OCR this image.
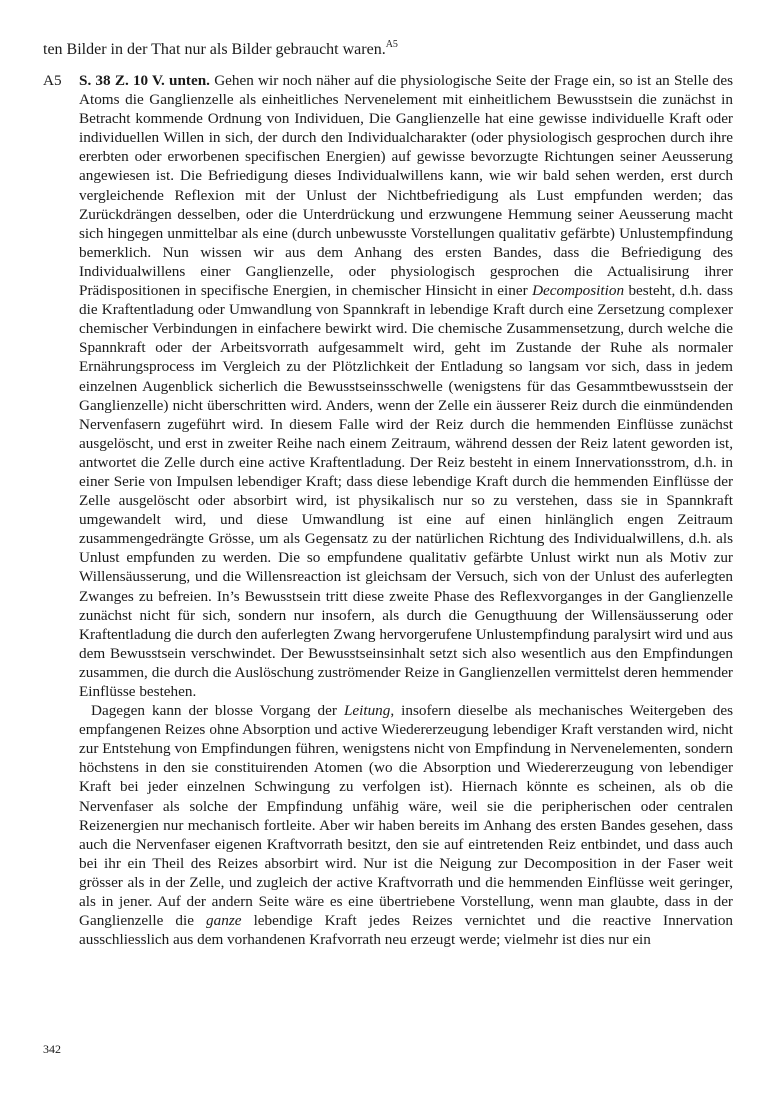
ten Bilder in der That nur als Bilder gebraucht waren.$^{A5}$
A5 S. 38 Z. 10 V. unten. Gehen wir noch näher auf die physiologische Seite der Frage ein, so ist an Stelle des Atoms die Ganglienzelle als einheitliches Nervenelement mit einheitlichem Bewusstsein die zunächst in Betracht kommende Ordnung von Individuen, Die Ganglienzelle hat eine gewisse individuelle Kraft oder individuellen Willen in sich, der durch den Individualcharakter (oder physiologisch gesprochen durch ihre ererbten oder erworbenen specifischen Energien) auf gewisse bevorzugte Richtungen seiner Aeusserung angewiesen ist. Die Befriedigung dieses Individualwillens kann, wie wir bald sehen werden, erst durch vergleichende Reflexion mit der Unlust der Nichtbefriedigung als Lust empfunden werden; das Zurückdrängen desselben, oder die Unterdrückung und erzwungene Hemmung seiner Aeusserung macht sich hingegen unmittelbar als eine (durch unbewusste Vorstellungen qualitativ gefärbte) Unlustempfindung bemerklich. Nun wissen wir aus dem Anhang des ersten Bandes, dass die Befriedigung des Individualwillens einer Ganglienzelle, oder physiologisch gesprochen die Actualisirung ihrer Prädispositionen in specifische Energien, in chemischer Hinsicht in einer Decomposition besteht, d.h. dass die Kraftentladung oder Umwandlung von Spannkraft in lebendige Kraft durch eine Zersetzung complexer chemischer Verbindungen in einfachere bewirkt wird. Die chemische Zusammensetzung, durch welche die Spannkraft oder der Arbeitsvorrath aufgesammelt wird, geht im Zustande der Ruhe als normaler Ernährungsprocess im Vergleich zu der Plötzlichkeit der Entladung so langsam vor sich, dass in jedem einzelnen Augenblick sicherlich die Bewusstseinsschwelle (wenigstens für das Gesammtbewusstsein der Ganglienzelle) nicht überschritten wird. Anders, wenn der Zelle ein äusserer Reiz durch die einmündenden Nervenfasern zugeführt wird. In diesem Falle wird der Reiz durch die hemmenden Einflüsse zunächst ausgelöscht, und erst in zweiter Reihe nach einem Zeitraum, während dessen der Reiz latent geworden ist, antwortet die Zelle durch eine active Kraftentladung. Der Reiz besteht in einem Innervationsstrom, d.h. in einer Serie von Impulsen lebendiger Kraft; dass diese lebendige Kraft durch die hemmenden Einflüsse der Zelle ausgelöscht oder absorbirt wird, ist physikalisch nur so zu verstehen, dass sie in Spannkraft umgewandelt wird, und diese Umwandlung ist eine auf einen hinlänglich engen Zeitraum zusammengedrängte Grösse, um als Gegensatz zu der natürlichen Richtung des Individualwillens, d.h. als Unlust empfunden zu werden. Die so empfundene qualitativ gefärbte Unlust wirkt nun als Motiv zur Willensäusserung, und die Willensreaction ist gleichsam der Versuch, sich von der Unlust des auferlegten Zwanges zu befreien. In’s Bewusstsein tritt diese zweite Phase des Reflexvorganges in der Ganglienzelle zunächst nicht für sich, sondern nur insofern, als durch die Genugthuung der Willensäusserung oder Kraftentladung die durch den auferlegten Zwang hervorgerufene Unlustempfindung paralysirt wird und aus dem Bewusstsein verschwindet. Der Bewusstseinsinhalt setzt sich also wesentlich aus den Empfindungen zusammen, die durch die Auslöschung zuströmender Reize in Ganglienzellen vermittelst deren hemmender Einflüsse bestehen.

Dagegen kann der blosse Vorgang der Leitung, insofern dieselbe als mechanisches Weitergeben des empfangenen Reizes ohne Absorption und active Wiedererzeugung lebendiger Kraft verstanden wird, nicht zur Entstehung von Empfindungen führen, wenigstens nicht von Empfindung in Nervenelementen, sondern höchstens in den sie constituirenden Atomen (wo die Absorption und Wiedererzeugung von lebendiger Kraft bei jeder einzelnen Schwingung zu verfolgen ist). Hiernach könnte es scheinen, als ob die Nervenfaser als solche der Empfindung unfähig wäre, weil sie die peripherischen oder centralen Reizenergien nur mechanisch fortleite. Aber wir haben bereits im Anhang des ersten Bandes gesehen, dass auch die Nervenfaser eigenen Kraftvorrath besitzt, den sie auf eintretenden Reiz entbindet, und dass auch bei ihr ein Theil des Reizes absorbirt wird. Nur ist die Neigung zur Decomposition in der Faser weit grösser als in der Zelle, und zugleich der active Kraftvorrath und die hemmenden Einflüsse weit geringer, als in jener. Auf der andern Seite wäre es eine übertriebene Vorstellung, wenn man glaubte, dass in der Ganglienzelle die ganze lebendige Kraft jedes Reizes vernichtet und die reactive Innervation ausschliesslich aus dem vorhandenen Krafvorrath neu erzeugt werde; vielmehr ist dies nur ein

342
